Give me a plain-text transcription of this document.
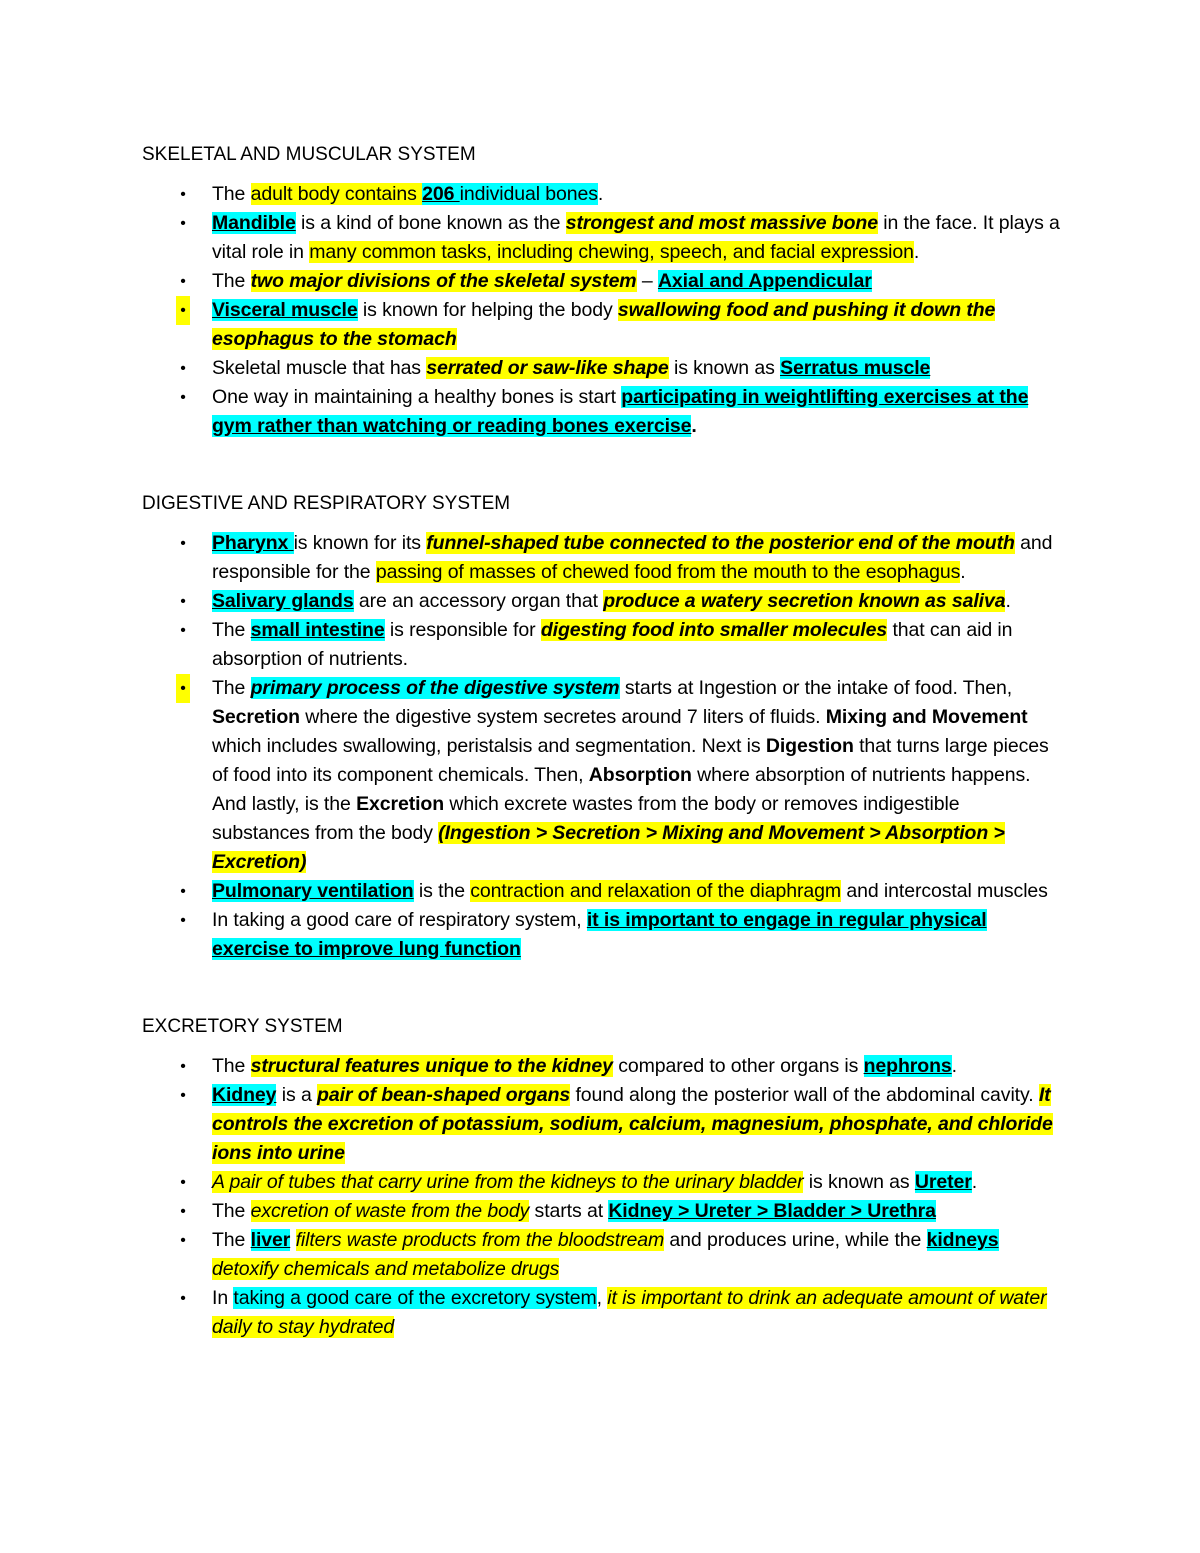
SKELETAL AND MUSCULAR SYSTEM
• The adult body contains 206 individual bones.
• Mandible is a kind of bone known as the strongest and most massive bone in the face. It plays a vital role in many common tasks, including chewing, speech, and facial expression.
• The two major divisions of the skeletal system – Axial and Appendicular
• Visceral muscle is known for helping the body swallowing food and pushing it down the esophagus to the stomach
• Skeletal muscle that has serrated or saw-like shape is known as Serratus muscle
• One way in maintaining a healthy bones is start participating in weightlifting exercises at the gym rather than watching or reading bones exercise.
DIGESTIVE AND RESPIRATORY SYSTEM
• Pharynx is known for its funnel-shaped tube connected to the posterior end of the mouth and responsible for the passing of masses of chewed food from the mouth to the esophagus.
• Salivary glands are an accessory organ that produce a watery secretion known as saliva.
• The small intestine is responsible for digesting food into smaller molecules that can aid in absorption of nutrients.
• The primary process of the digestive system starts at Ingestion or the intake of food. Then, Secretion where the digestive system secretes around 7 liters of fluids. Mixing and Movement which includes swallowing, peristalsis and segmentation. Next is Digestion that turns large pieces of food into its component chemicals. Then, Absorption where absorption of nutrients happens. And lastly, is the Excretion which excrete wastes from the body or removes indigestible substances from the body (Ingestion > Secretion > Mixing and Movement > Absorption > Excretion)
• Pulmonary ventilation is the contraction and relaxation of the diaphragm and intercostal muscles
• In taking a good care of respiratory system, it is important to engage in regular physical exercise to improve lung function
EXCRETORY SYSTEM
• The structural features unique to the kidney compared to other organs is nephrons.
• Kidney is a pair of bean-shaped organs found along the posterior wall of the abdominal cavity. It controls the excretion of potassium, sodium, calcium, magnesium, phosphate, and chloride ions into urine
• A pair of tubes that carry urine from the kidneys to the urinary bladder is known as Ureter.
• The excretion of waste from the body starts at Kidney > Ureter > Bladder > Urethra
• The liver filters waste products from the bloodstream and produces urine, while the kidneys detoxify chemicals and metabolize drugs
• In taking a good care of the excretory system, it is important to drink an adequate amount of water daily to stay hydrated
